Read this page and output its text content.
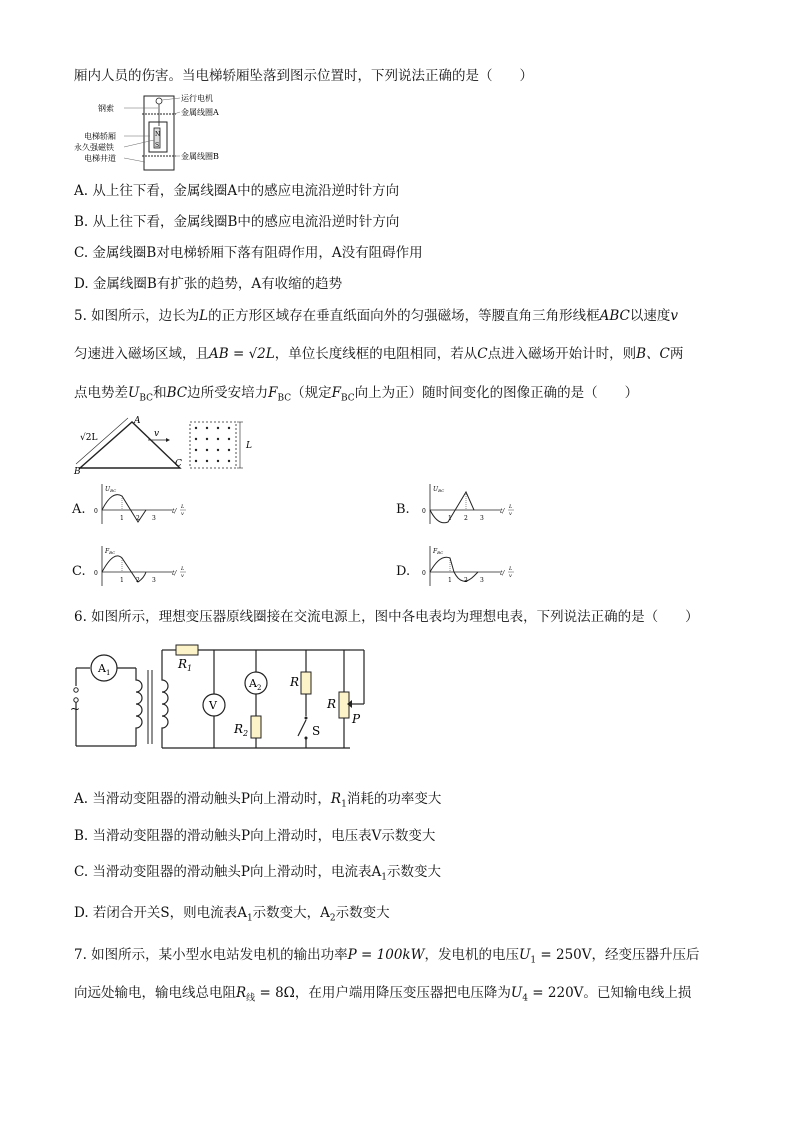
厢内人员的伤害。当电梯轿厢坠落到图示位置时，下列说法正确的是（　　）
N
S
钢索
电梯轿厢
永久强磁铁
电梯井道
运行电机
金属线圈A
金属线圈B
A. 从上往下看，金属线圈A中的感应电流沿逆时针方向
B. 从上往下看，金属线圈B中的感应电流沿逆时针方向
C. 金属线圈B对电梯轿厢下落有阻碍作用，A没有阻碍作用
D. 金属线圈B有扩张的趋势，A有收缩的趋势
5. 如图所示，边长为L的正方形区域存在垂直纸面向外的匀强磁场，等腰直角三角形线框ABC以速度v
匀速进入磁场区域，且AB = √2L，单位长度线框的电阻相同，若从C点进入磁场开始计时，则B、C两
点电势差$U_{BC}$和BC边所受安培力$F_{BC}$（规定$F_{BC}$向上为正）随时间变化的图像正确的是（　　）
A
B
C
√2L	v
L
A.
UBC
0
1 2 3
t/
L
v	B.
UBC
0
1 2 3
t/
L
v
C.
FBC
0
1 2 3
t/
L
v	D.
FBC
0
1 2 3
t/
L
v
6. 如图所示，理想变压器原线圈接在交流电源上，图中各电表均为理想电表，下列说法正确的是（　　）
~
$A_1$
$R_1$
V
$A_2$
$R_2$
R
S
R
P
A. 当滑动变阻器的滑动触头P向上滑动时，$R_1$消耗的功率变大
B. 当滑动变阻器的滑动触头P向上滑动时，电压表V示数变大
C. 当滑动变阻器的滑动触头P向上滑动时，电流表$A_1$示数变大
D. 若闭合开关S，则电流表$A_1$示数变大，$A_2$示数变大
7. 如图所示，某小型水电站发电机的输出功率P = 100kW，发电机的电压$U_1 = 250V$，经变压器升压后
向远处输电，输电线总电阻$R_线 = 8\Omega$，在用户端用降压变压器把电压降为$U_4 = 220V$。已知输电线上损
